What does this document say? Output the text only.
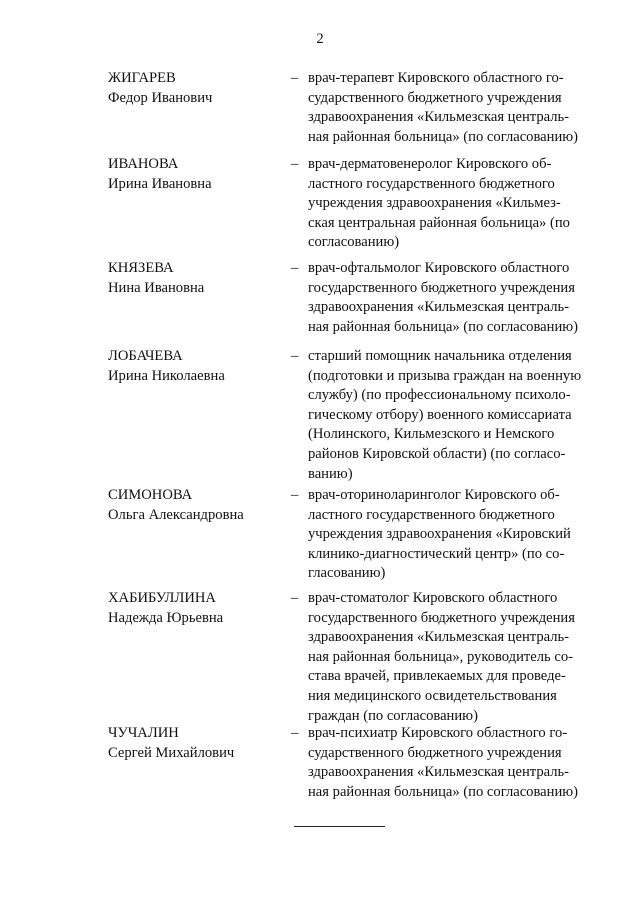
2
ЖИГАРЕВ
Федор Иванович
– врач-терапевт Кировского областного го-
сударственного бюджетного учреждения
здравоохранения «Кильмезская централь-
ная районная больница» (по согласованию)
ИВАНОВА
Ирина Ивановна
– врач-дерматовенеролог Кировского об-
ластного государственного бюджетного
учреждения здравоохранения «Кильмез-
ская центральная районная больница» (по
согласованию)
КНЯЗЕВА
Нина Ивановна
– врач-офтальмолог Кировского областного
государственного бюджетного учреждения
здравоохранения «Кильмезская централь-
ная районная больница» (по согласованию)
ЛОБАЧЕВА
Ирина Николаевна
– старший помощник начальника отделения
(подготовки и призыва граждан на военную
службу) (по профессиональному психоло-
гическому отбору) военного комиссариата
(Нолинского, Кильмезского и Немского
районов Кировской области) (по согласо-
ванию)
СИМОНОВА
Ольга Александровна
– врач-оториноларинголог Кировского об-
ластного государственного бюджетного
учреждения здравоохранения «Кировский
клинико-диагностический центр» (по со-
гласованию)
ХАБИБУЛЛИНА
Надежда Юрьевна
– врач-стоматолог Кировского областного
государственного бюджетного учреждения
здравоохранения «Кильмезская централь-
ная районная больница», руководитель со-
става врачей, привлекаемых для проведе-
ния медицинского освидетельствования
граждан (по согласованию)
ЧУЧАЛИН
Сергей Михайлович
– врач-психиатр Кировского областного го-
сударственного бюджетного учреждения
здравоохранения «Кильмезская централь-
ная районная больница» (по согласованию)
